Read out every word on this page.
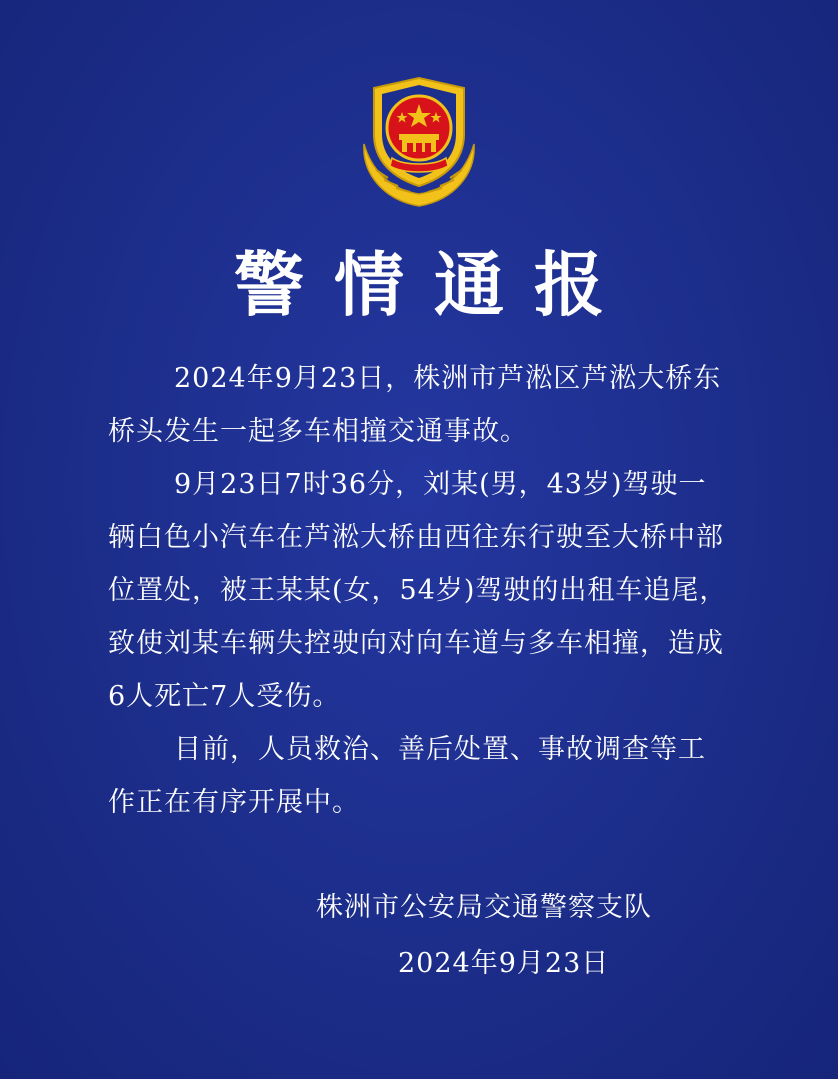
警情通报

2024年9月23日，株洲市芦淞区芦淞大桥东桥头发生一起多车相撞交通事故。

9月23日7时36分，刘某(男，43岁)驾驶一辆白色小汽车在芦淞大桥由西往东行驶至大桥中部位置处，被王某某(女，54岁)驾驶的出租车追尾，致使刘某车辆失控驶向对向车道与多车相撞，造成6人死亡7人受伤。

目前，人员救治、善后处置、事故调查等工作正在有序开展中。

株洲市公安局交通警察支队
2024年9月23日
